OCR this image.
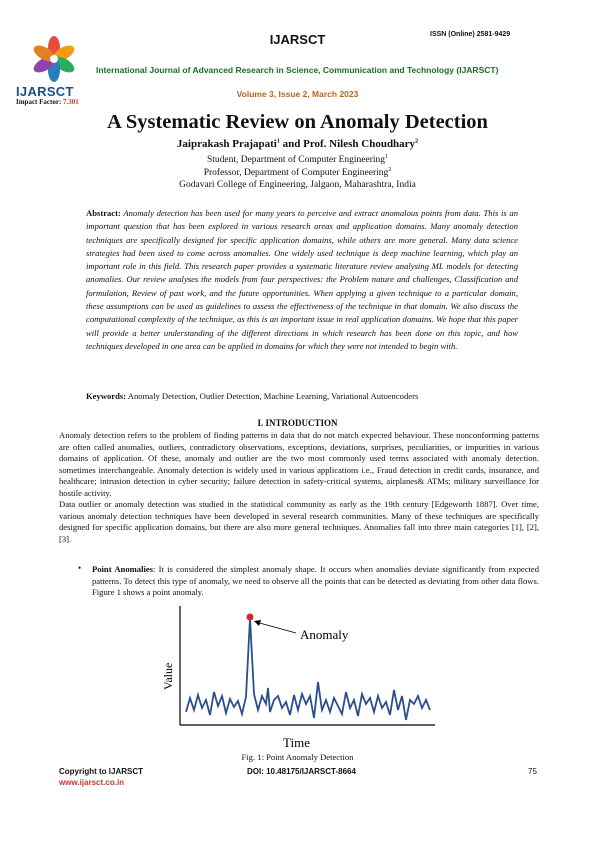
IJARSCT	ISSN (Online) 2581-9429
IJARSCT
Impact Factor: 7.301
International Journal of Advanced Research in Science, Communication and Technology (IJARSCT)
Volume 3, Issue 2, March 2023
A Systematic Review on Anomaly Detection
Jaiprakash Prajapati$^1$ and Prof. Nilesh Choudhary$^2$
Student, Department of Computer Engineering$^1$
Professor, Department of Computer Engineering$^2$
Godavari College of Engineering, Jalgaon, Maharashtra, India
Abstract: Anomaly detection has been used for many years to perceive and extract anomalous points from data. This is an important question that has been explored in various research areas and application domains. Many anomaly detection techniques are specifically designed for specific application domains, while others are more general. Many data science strategies had been used to come across anomalies. One widely used technique is deep machine learning, which play an important role in this field. This research paper provides a systematic literature review analysing ML models for detecting anomalies. Our review analyses the models from four perspectives: the Problem nature and challenges, Classification and formulation, Review of past work, and the future opportunities. When applying a given technique to a particular domain, these assumptions can be used as guidelines to assess the effectiveness of the technique in that domain. We also discuss the computational complexity of the technique, as this is an important issue in real application domains. We hope that this paper will provide a better understanding of the different directions in which research has been done on this topic, and how techniques developed in one area can be applied in domains for which they were not intended to begin with.
Keywords: Anomaly Detection, Outlier Detection, Machine Learning, Variational Autoencoders
I. INTRODUCTION

Anomaly detection refers to the problem of finding patterns in data that do not match expected behaviour. These nonconforming patterns are often called anomalies, outliers, contradictory observations, exceptions, deviations, surprises, peculiarities, or impurities in various domains of application. Of these, anomaly and outlier are the two most commonly used terms associated with anomaly detection. sometimes interchangeable. Anomaly detection is widely used in various applications i.e., Fraud detection in credit cards, insurance, and healthcare; intrusion detection in cyber security; failure detection in safety-critical systems, airplanes& ATMs; military surveillance for hostile activity.

Data outlier or anomaly detection was studied in the statistical community as early as the 19th century [Edgeworth 1887]. Over time, various anomaly detection techniques have been developed in several research communities. Many of these techniques are specifically designed for specific application domains, but there are also more general techniques. Anomalies fall into three main categories [1], [2], [3].

• Point Anomalies: It is considered the simplest anomaly shape. It occurs when anomalies deviate significantly from expected patterns. To detect this type of anomaly, we need to observe all the points that can be detected as deviating from other data flows. Figure 1 shows a point anomaly.
Anomaly
Value
Time
Fig. 1: Point Anomaly Detection
Copyright to IJARSCT
www.ijarsct.co.in
DOI: 10.48175/IJARSCT-8664	75
